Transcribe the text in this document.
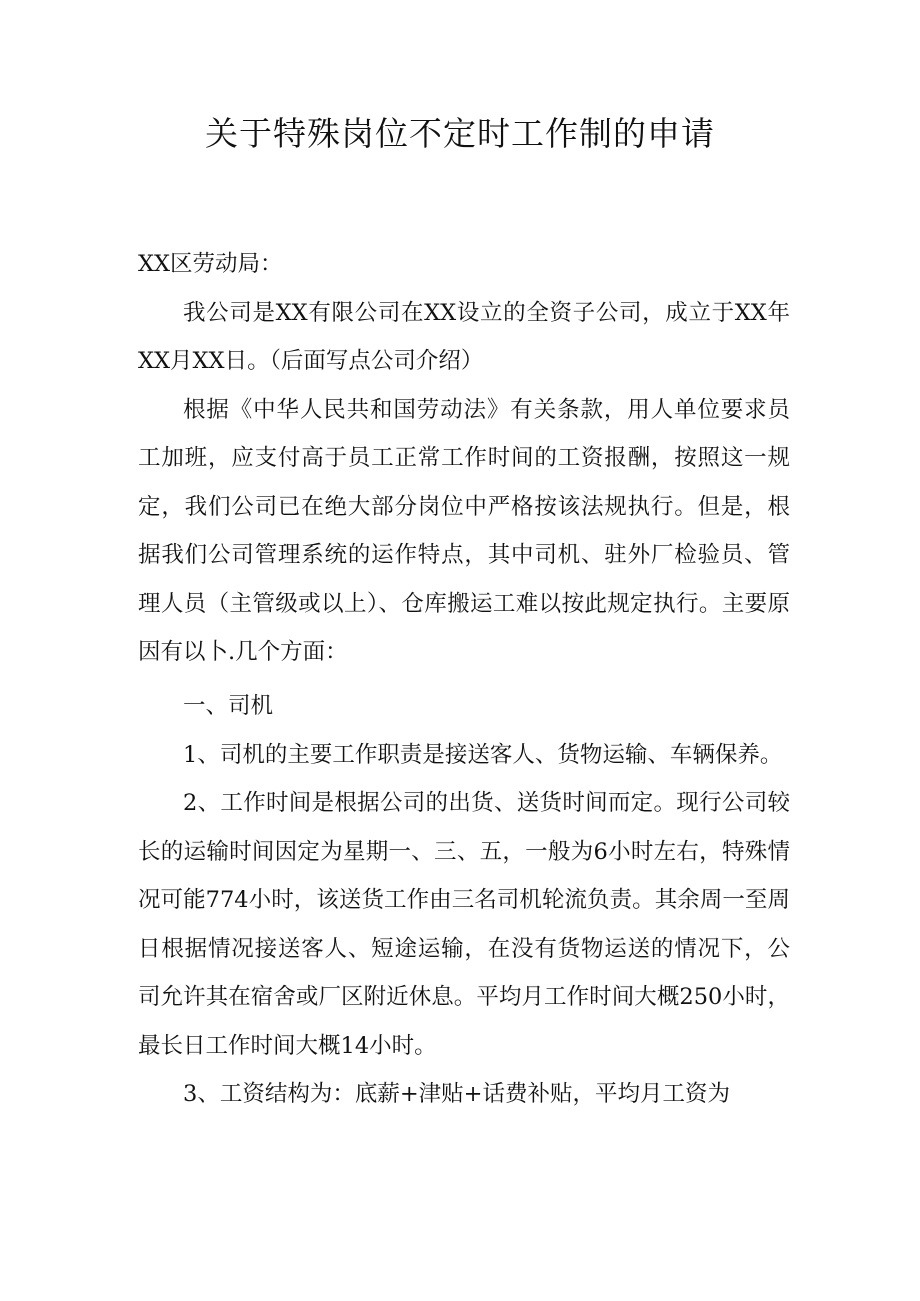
关于特殊岗位不定时工作制的申请

XX区劳动局：

我公司是XX有限公司在XX设立的全资子公司，成立于XX年XX月XX日。（后面写点公司介绍）

根据《中华人民共和国劳动法》有关条款，用人单位要求员工加班，应支付高于员工正常工作时间的工资报酬，按照这一规定，我们公司已在绝大部分岗位中严格按该法规执行。但是，根据我们公司管理系统的运作特点，其中司机、驻外厂检验员、管理人员（主管级或以上）、仓库搬运工难以按此规定执行。主要原因有以卜.几个方面：

一、司机

1、司机的主要工作职责是接送客人、货物运输、车辆保养。

2、工作时间是根据公司的出货、送货时间而定。现行公司较长的运输时间因定为星期一、三、五，一般为6小时左右，特殊情况可能774小时，该送货工作由三名司机轮流负责。其余周一至周日根据情况接送客人、短途运输，在没有货物运送的情况下，公司允许其在宿舍或厂区附近休息。平均月工作时间大概250小时，最长日工作时间大概14小时。

3、工资结构为：底薪+津贴+话费补贴，平均月工资为
